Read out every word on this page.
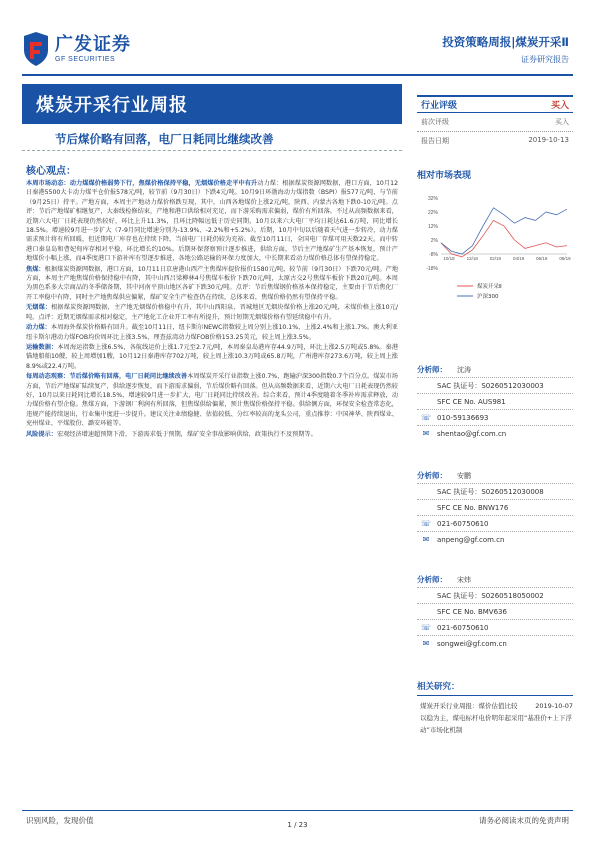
广发证券
GF SECURITIES
投资策略周报|煤炭开采Ⅱ
证券研究报告
煤炭开采行业周报
节后煤价略有回落，电厂日耗同比继续改善
核心观点：
本周市场动态：动力煤煤价格弱势下行，焦煤价格保持平稳，无烟煤价格走平中有升动力煤：根据煤炭资源网数据，港口方面，10月12日秦港5500大卡动力煤平仓价报578元/吨，较节前（9月30日）下跌4元/吨。10月9日环渤海动力煤指数（BSPI）报577元/吨，与节前（9月25日）持平。产地方面，本周主产地动力煤价格跌互现，其中，山西各地煤价上涨2元/吨，陕西、内蒙古各地下跌0-10元/吨。点评：节后产地煤矿相继复产，大秦线检修结束，产地和港口供给相对充足，而下游采购需求偏弱，煤价有所回落。不过从高频数据来看，近期六大电厂日耗表现仍然较好，环比上升11.3%，且环比降幅远低于历史同期，10月以来六大电厂平均日耗达61.6万吨，同比增长18.5%。增速较9月进一步扩大（7-9月同比增速分别为-13.9%、-2.2%和+5.2%）。后期，10月中旬以后随着天气进一步转冷，动力煤需求预计将有所回暖，但近期电厂库存也在持续下降，当前电厂日耗仍较为充裕。截至10月11日，全国电厂存煤可用天数22天。而中转港口秦皇岛和曹妃甸库存相对平稳，环比增长约10%。后期环保督察预计逐步推进，供给方面，节后主产地煤矿生产基本恢复，预计产地煤价小幅上涨，而4季度港口下游补库有望逐步推进，各地公路运输的环保力度加大，中长期来看动力煤价格总体有望保持稳定。
焦煤：根据煤炭资源网数据，港口方面，10月11日京唐港山西产主焦煤库提价报价1580元/吨，较节前（9月30日）下跌70元/吨。产地方面，本周主产地焦煤价格保持稳中有降，其中山西吕梁柳林4号焦煤车板价下跌70元/吨，太原古交2号焦煤车板价下跌20元/吨。本周为黑色系多大宗商品的冬季储备期，其中河南平顶山地区各矿下跌30元/吨。点评：节后焦煤钢价格基本保持稳定，主要由于节后焦化厂开工率稳中有降，同时主产地焦煤供应偏紧，煤矿安全生产检查仍在持续，总体来看，焦煤价格仍然有望保持平稳。
无烟煤：根据煤炭资源网数据，主产地无烟煤价格稳中有升，其中山西阳泉、晋城地区无烟块煤价格上涨20元/吨，末煤价格上涨10元/吨。点评：近期无烟煤需求相对稳定，主产地化工企业开工率有所提升，预计短期无烟煤价格有望延续稳中有升。
动力煤：本周海外煤炭价格略有回升。截至10月11日，纽卡斯尔NEWC指数较上周分别上涨10.1%，上涨2.4%和上涨1.7%。澳大利亚纽卡斯尔港动力煤FOB均价周环比上涨3.5%，理查兹湾动力煤FOB价格153.25美元，较上周上涨3.5%。
运输数据：本周海运指数上涨6.5%，各航线运价上涨1.7元至2.7元/吨，本周秦皇岛港库存44.9万吨，环比上涨2.5万吨或5.8%。秦港锚地船舶10艘，较上周增加1艘，10月12日秦港库存702万吨，较上周上涨10.3万吨或65.8万吨，广州港库存273.6万吨，较上周上涨8.9%或22.4万吨。
每周动态观察：节后煤价略有回落，电厂日耗同比继续改善本周煤炭开采行业指数上涨0.7%，跑输沪深300指数0.7个百分点。煤炭市场方面，节后产地煤矿陆续复产，供给逐步恢复，而下游需求偏弱，节后煤价略有回落。但从高频数据来看，近期六大电厂日耗表现仍然较好，10月以来日耗同比增长18.5%，增速较9月进一步扩大，电厂日耗同比持续改善。综合来看，预计4季度随着冬季补库需求释放，动力煤价格有望企稳。焦煤方面，下游钢厂利润有所回落，但焦煤供给偏紧，预计焦煤价格保持平稳。供给侧方面，环保安全检查常态化，违规产能持续退出，行业集中度进一步提升。建议关注业绩稳健、估值较低、分红率较高的龙头公司，重点推荐：中国神华、陕西煤业、兖州煤业、平煤股份、潞安环能等。
风险提示：宏观经济增速超预期下滑，下游需求低于预期，煤矿安全事故影响供给，政策执行不及预期等。
行业评级	买入
前次评级	买入
报告日期	2019-10-13
相对市场表现
32%
22%
12%
2%
-8%
-18%
10/18	12/18	02/19	04/19	06/19	08/19
煤炭开采Ⅱ
沪深300
分析师：	沈涛
SAC 执证号：S0260512030003
SFC CE No. AUS981
☏ 010-59136693
✉ shentao@gf.com.cn
分析师：	安鹏
SAC 执证号：S0260512030008
SFC CE No. BNW176
☏ 021-60750610
✉ anpeng@gf.com.cn
分析师：	宋炜
SAC 执证号：S0260518050002
SFC CE No. BMV636
☏ 021-60750610
✉ songwei@gf.com.cn
相关研究：
煤炭开采行业周报：煤价估值比较	2019-10-07
以稳为主，煤电标杆电价明年起采用“基准价+上下浮动”市场化机制
识别风险，发现价值	1 / 23	请务必阅读末页的免责声明
